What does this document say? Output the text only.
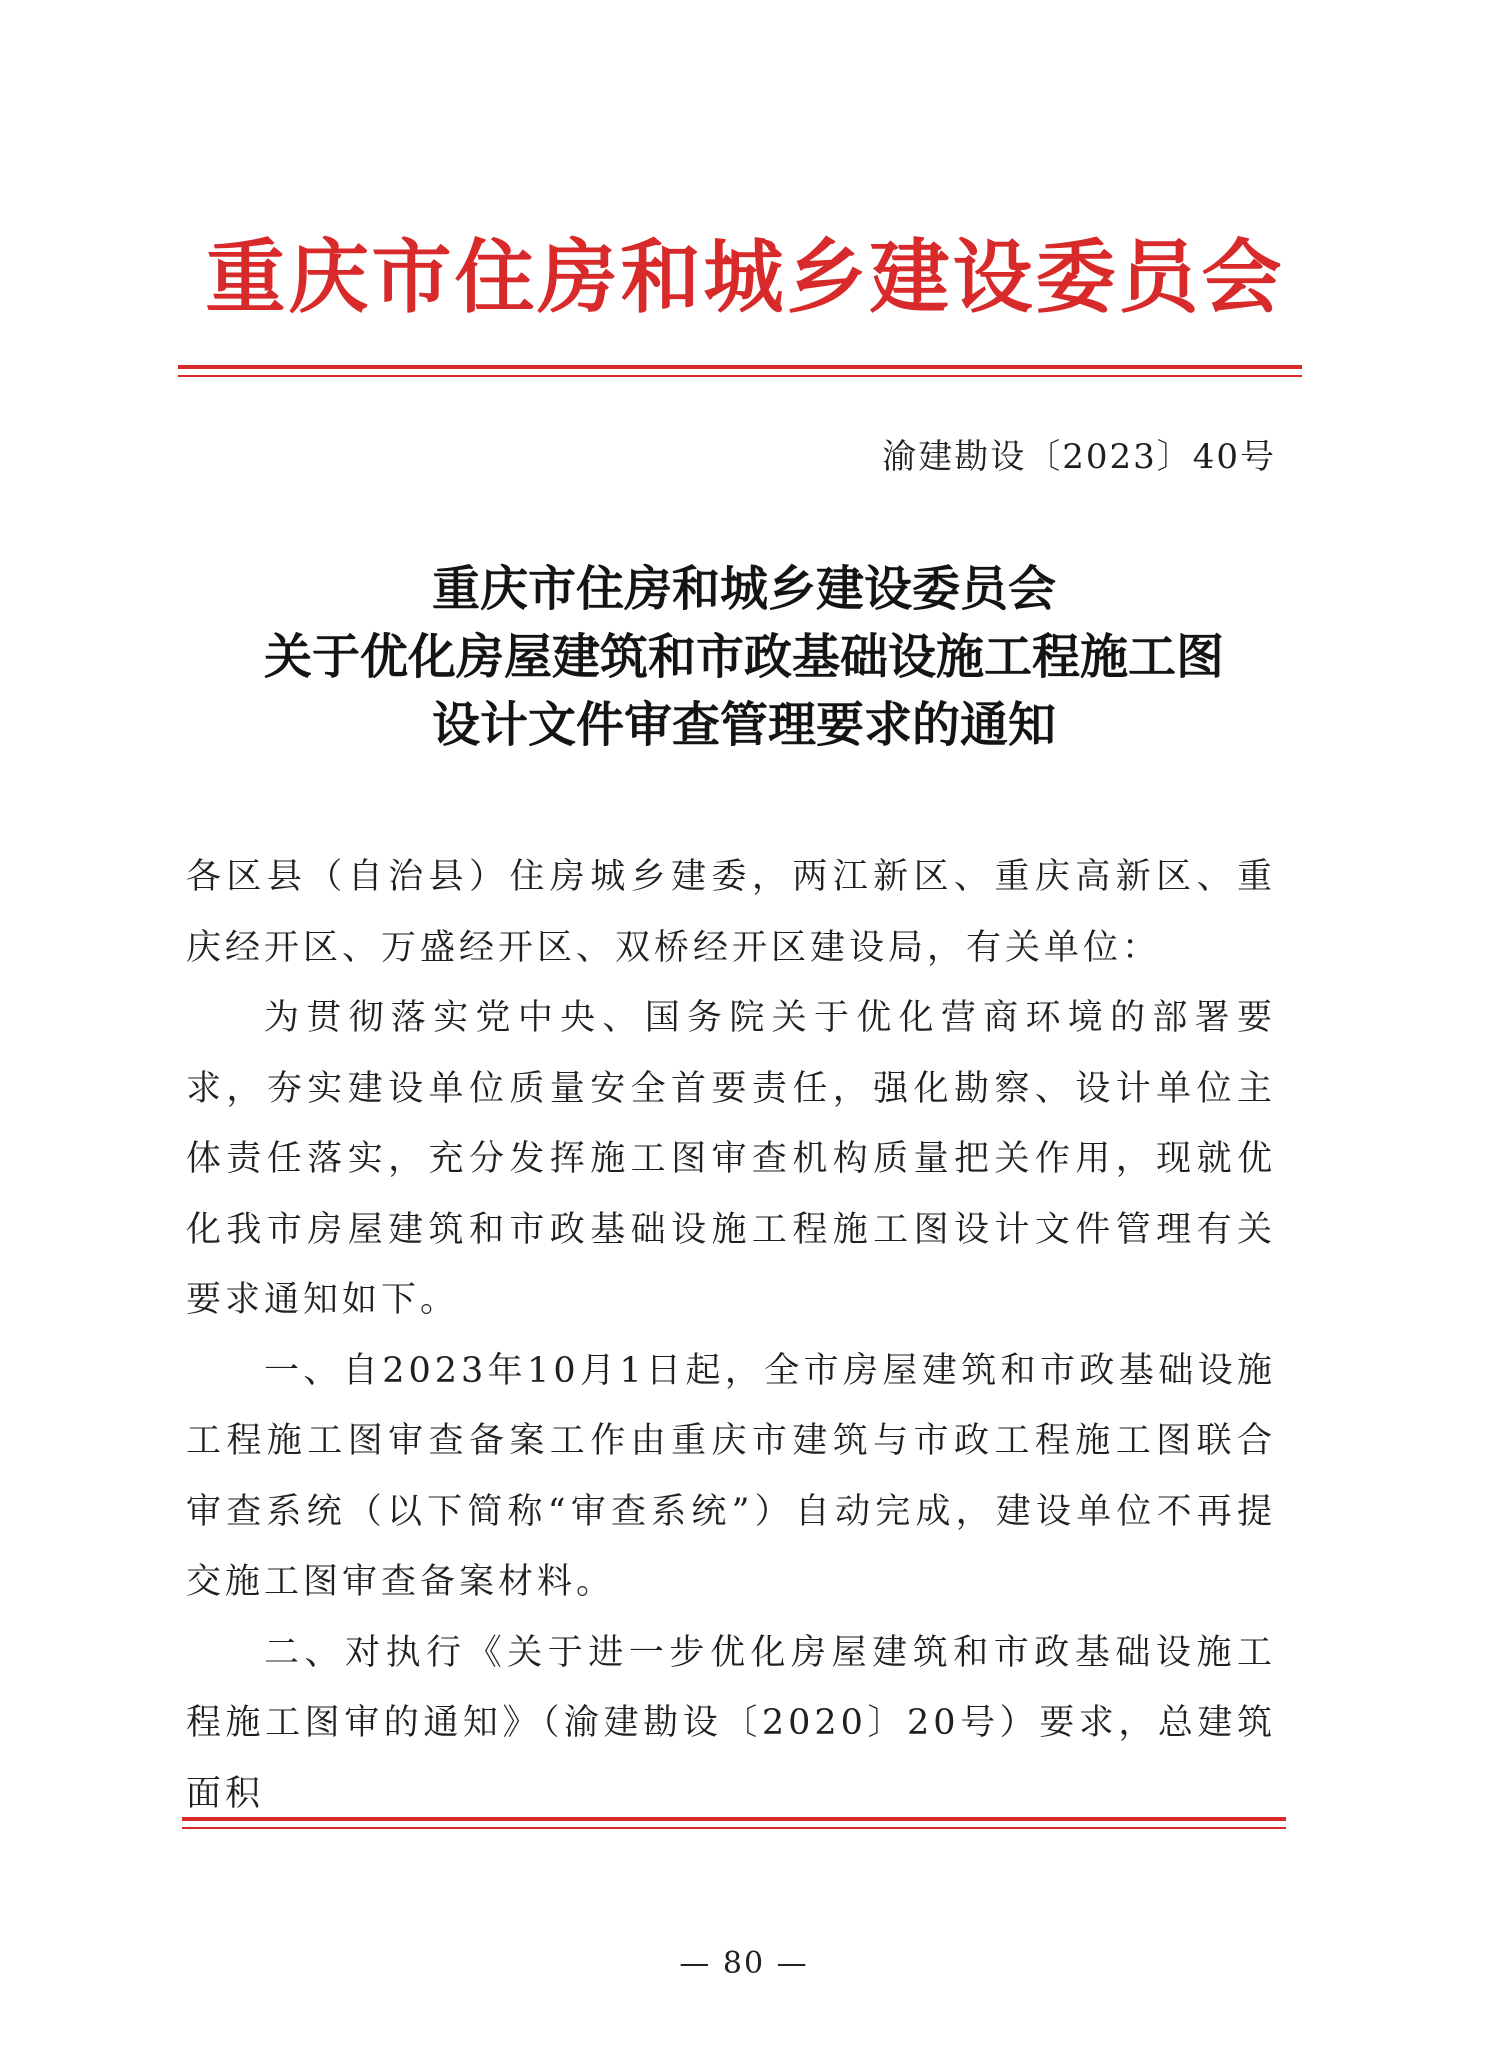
重庆市住房和城乡建设委员会
渝建勘设〔2023〕40号
重庆市住房和城乡建设委员会
关于优化房屋建筑和市政基础设施工程施工图
设计文件审查管理要求的通知

各区县（自治县）住房城乡建委，两江新区、重庆高新区、重庆经开区、万盛经开区、双桥经开区建设局，有关单位：

为贯彻落实党中央、国务院关于优化营商环境的部署要求，夯实建设单位质量安全首要责任，强化勘察、设计单位主体责任落实，充分发挥施工图审查机构质量把关作用，现就优化我市房屋建筑和市政基础设施工程施工图设计文件管理有关要求通知如下。

一、自2023年10月1日起，全市房屋建筑和市政基础设施工程施工图审查备案工作由重庆市建筑与市政工程施工图联合审查系统（以下简称“审查系统”）自动完成，建设单位不再提交施工图审查备案材料。

二、对执行《关于进一步优化房屋建筑和市政基础设施工程施工图审的通知》（渝建勘设〔2020〕20号）要求，总建筑面积

— 80 —
